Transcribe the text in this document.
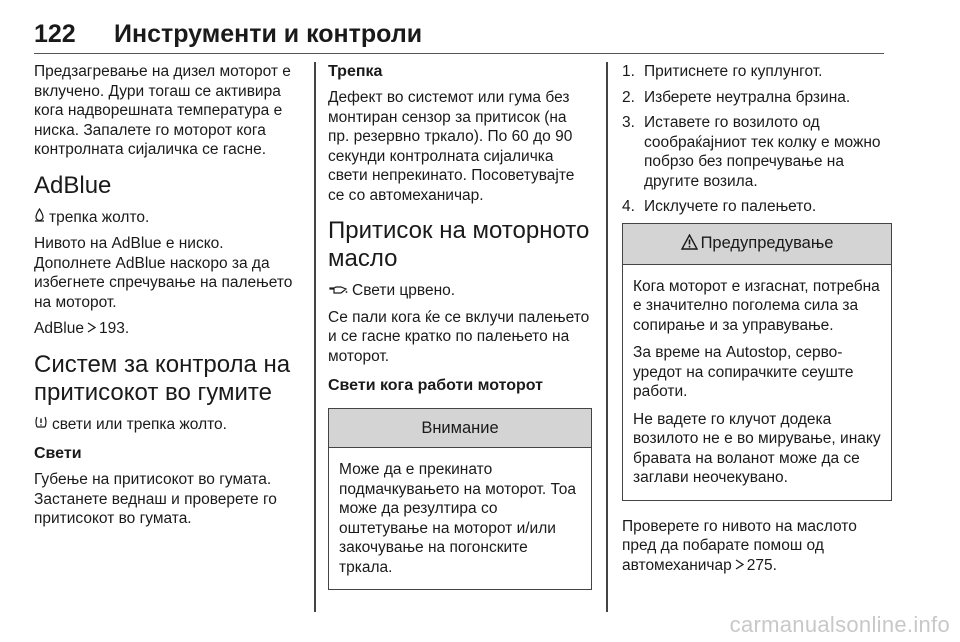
122 Инструменти и контроли

Предзагревање на дизел моторот е вклучено. Дури тогаш се активира кога надворешната температура е ниска. Запалете го моторот кога контролната сијаличка се гасне.

AdBlue

трепка жолто.

Нивото на AdBlue е ниско. Дополнете AdBlue наскоро за да избегнете спречување на палењето на моторот.

AdBlue 193.

Систем за контрола на притисокот во гумите

свети или трепка жолто.

Свети

Губење на притисокот во гумата. Застанете веднаш и проверете го притисокот во гумата.

Трепка

Дефект во системот или гума без монтиран сензор за притисок (на пр. резервно тркало). По 60 до 90 секунди контролната сијаличка свети непрекинато. Посоветувајте се со автомеханичар.

Притисок на моторното масло

Свети црвено.

Се пали кога ќе се вклучи палењето и се гасне кратко по палењето на моторот.

Свети кога работи моторот
Внимание

Може да е прекинато подмачкувањето на моторот. Тоа може да резултира со оштетување на моторот и/или закочување на погонските тркала.

1. Притиснете го куплунгот.
2. Изберете неутрална брзина.
3. Иставете го возилото од сообраќајниот тек колку е можно побрзо без попречување на другите возила.
4. Исклучете го палењето.
Предупредување

Кога моторот е изгаснат, потребна е значително поголема сила за сопирање и за управување.

За време на Autostop, серво-уредот на сопирачките сеуште работи.

Не вадете го клучот додека возилото не е во мирување, инаку бравата на воланот може да се заглави неочекувано.

Проверете го нивото на маслото пред да побарате помош од автомеханичар 275.

carmanualsonline.info
